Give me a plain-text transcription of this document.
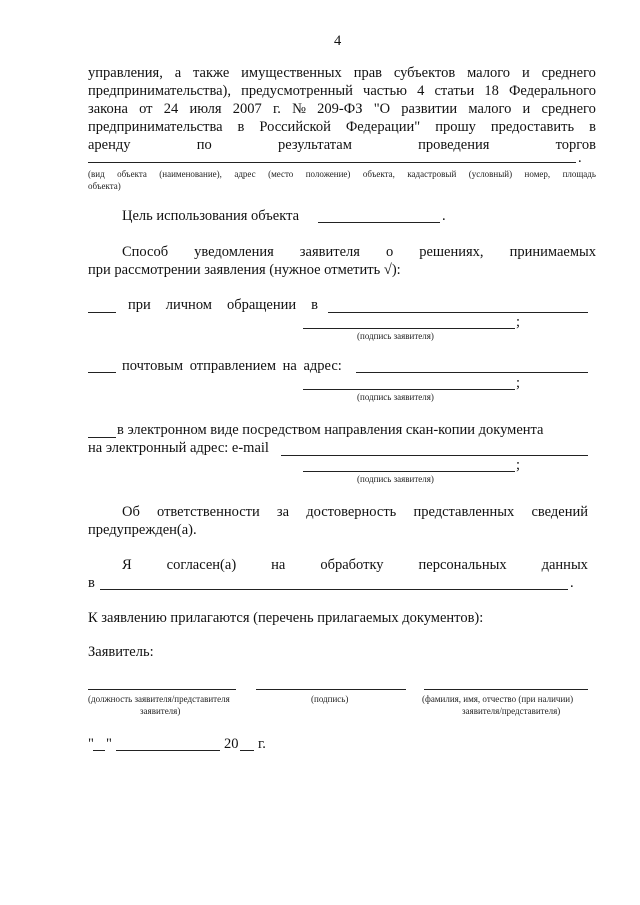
4
управления, а также имущественных прав субъектов малого и среднего
предпринимательства), предусмотренный частью 4 статьи 18 Федерального
закона от 24 июля 2007 г. № 209-ФЗ "О развитии малого и среднего
предпринимательства в Российской Федерации" прошу предоставить в
аренду	по	результатам	проведения	торгов
.
(вид объекта (наименование), адрес (место положение) объекта, кадастровый (условный) номер, площадь
объекта)
Цель использования объекта	.
Способ уведомления заявителя о решениях, принимаемых
при рассмотрении заявления (нужное отметить √):
при личном обращении в
;
(подпись заявителя)
почтовым отправлением на адрес:
;
(подпись заявителя)
в электронном виде посредством направления скан-копии документа
на электронный адрес: e-mail
;
(подпись заявителя)
Об ответственности за достоверность представленных сведений
предупрежден(а).
Я согласен(а) на обработку персональных данных
в	.
К заявлению прилагаются (перечень прилагаемых документов):
Заявитель:
(должность заявителя/представителя
заявителя)
(подпись)	(фамилия, имя, отчество (при наличии)
заявителя/представителя)
" "	20 г.
